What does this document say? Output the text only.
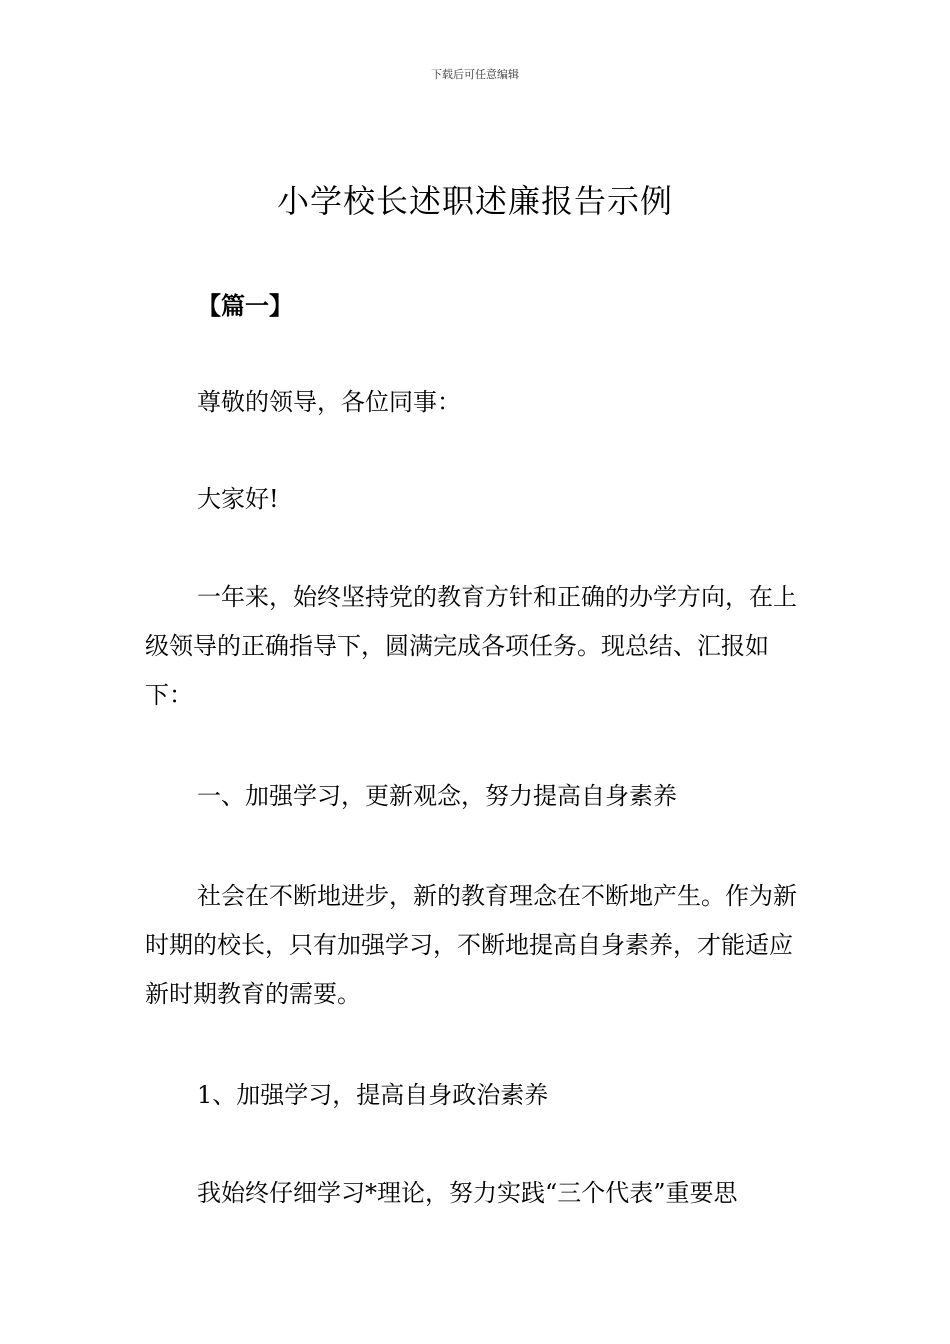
下载后可任意编辑
小学校长述职述廉报告示例

【篇一】

尊敬的领导，各位同事：

大家好!

一年来，始终坚持党的教育方针和正确的办学方向，在上级领导的正确指导下，圆满完成各项任务。现总结、汇报如下：

一、加强学习，更新观念，努力提高自身素养

社会在不断地进步，新的教育理念在不断地产生。作为新时期的校长，只有加强学习，不断地提高自身素养，才能适应新时期教育的需要。

1、加强学习，提高自身政治素养

我始终仔细学习*理论，努力实践“三个代表”重要思
